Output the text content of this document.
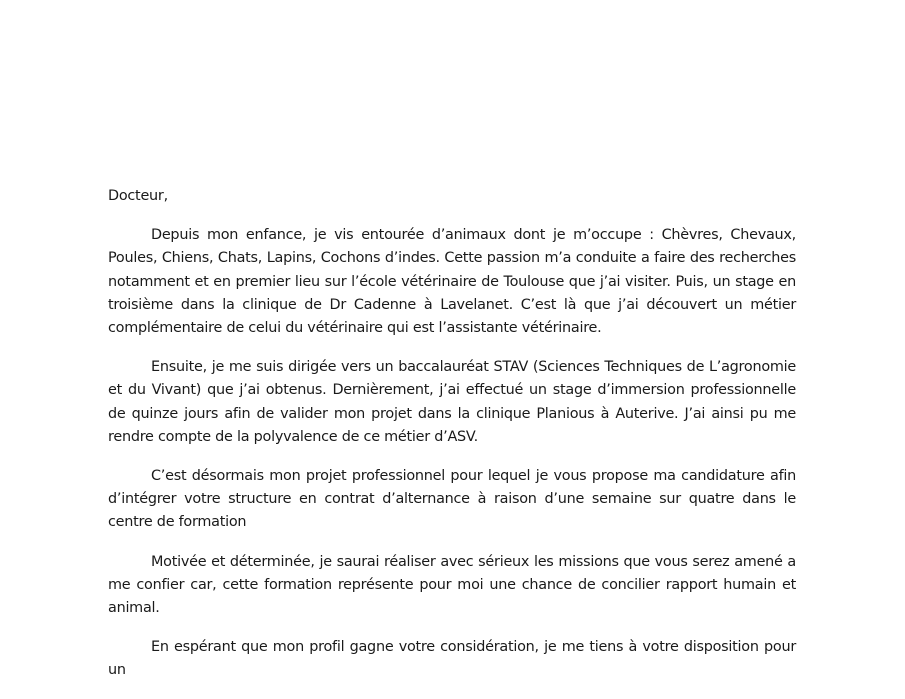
Docteur,

Depuis mon enfance, je vis entourée d’animaux dont je m’occupe : Chèvres, Chevaux, Poules, Chiens, Chats, Lapins, Cochons d’indes. Cette passion m’a conduite a faire des recherches notamment et en premier lieu sur l’école vétérinaire de Toulouse que j’ai visiter. Puis, un stage en troisième dans la clinique de Dr Cadenne à Lavelanet. C’est là que j’ai découvert un métier complémentaire de celui du vétérinaire qui est l’assistante vétérinaire.

Ensuite, je me suis dirigée vers un baccalauréat STAV (Sciences Techniques de L’agronomie et du Vivant) que j’ai obtenus. Dernièrement, j’ai effectué un stage d’immersion professionnelle de quinze jours afin de valider mon projet dans la clinique Planious à Auterive. J’ai ainsi pu me rendre compte de la polyvalence de ce métier d’ASV.

C’est désormais mon projet professionnel pour lequel je vous propose ma candidature afin d’intégrer votre structure en contrat d’alternance à raison d’une semaine sur quatre dans le centre de formation

Motivée et déterminée, je saurai réaliser avec sérieux les missions que vous serez amené a me confier car, cette formation représente pour moi une chance de concilier rapport humain et animal.

En espérant que mon profil gagne votre considération, je me tiens à votre disposition pour un
